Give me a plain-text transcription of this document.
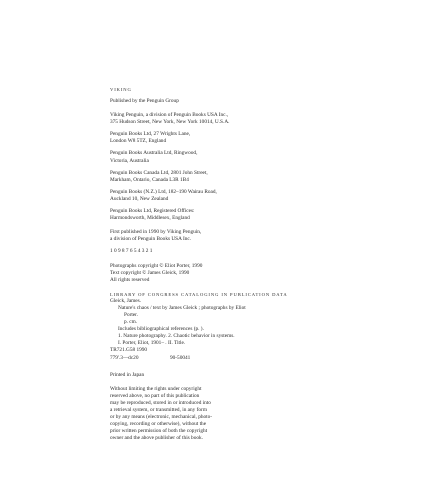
VIKING
Published by the Penguin Group
Viking Penguin, a division of Penguin Books USA Inc.,
375 Hudson Street, New York, New York 10014, U.S.A.
Penguin Books Ltd, 27 Wrights Lane,
London W8 5TZ, England
Penguin Books Australia Ltd, Ringwood,
Victoria, Australia
Penguin Books Canada Ltd, 2801 John Street,
Markham, Ontario, Canada L3R 1B4
Penguin Books (N.Z.) Ltd, 182–190 Wairau Road,
Auckland 10, New Zealand
Penguin Books Ltd, Registered Offices:
Harmondsworth, Middlesex, England
First published in 1990 by Viking Penguin,
a division of Penguin Books USA Inc.
1 0 9 8 7 6 5 4 3 2 1
Photographs copyright © Eliot Porter, 1990
Text copyright © James Gleick, 1990
All rights reserved
LIBRARY OF CONGRESS CATALOGING IN PUBLICATION DATA
Gleick, James.
Nature's chaos / text by James Gleick ; photographs by Eliot
Porter.
p. cm.
Includes bibliographical references (p. ).
1. Nature photography. 2. Chaotic behavior in systems.
I. Porter, Eliot, 1901– . II. Title.
TR721.G58 1990
779'.3—dc20	90-50041
Printed in Japan
Without limiting the rights under copyright
reserved above, no part of this publication
may be reproduced, stored in or introduced into
a retrieval system, or transmitted, in any form
or by any means (electronic, mechanical, photo-
copying, recording or otherwise), without the
prior written permission of both the copyright
owner and the above publisher of this book.
